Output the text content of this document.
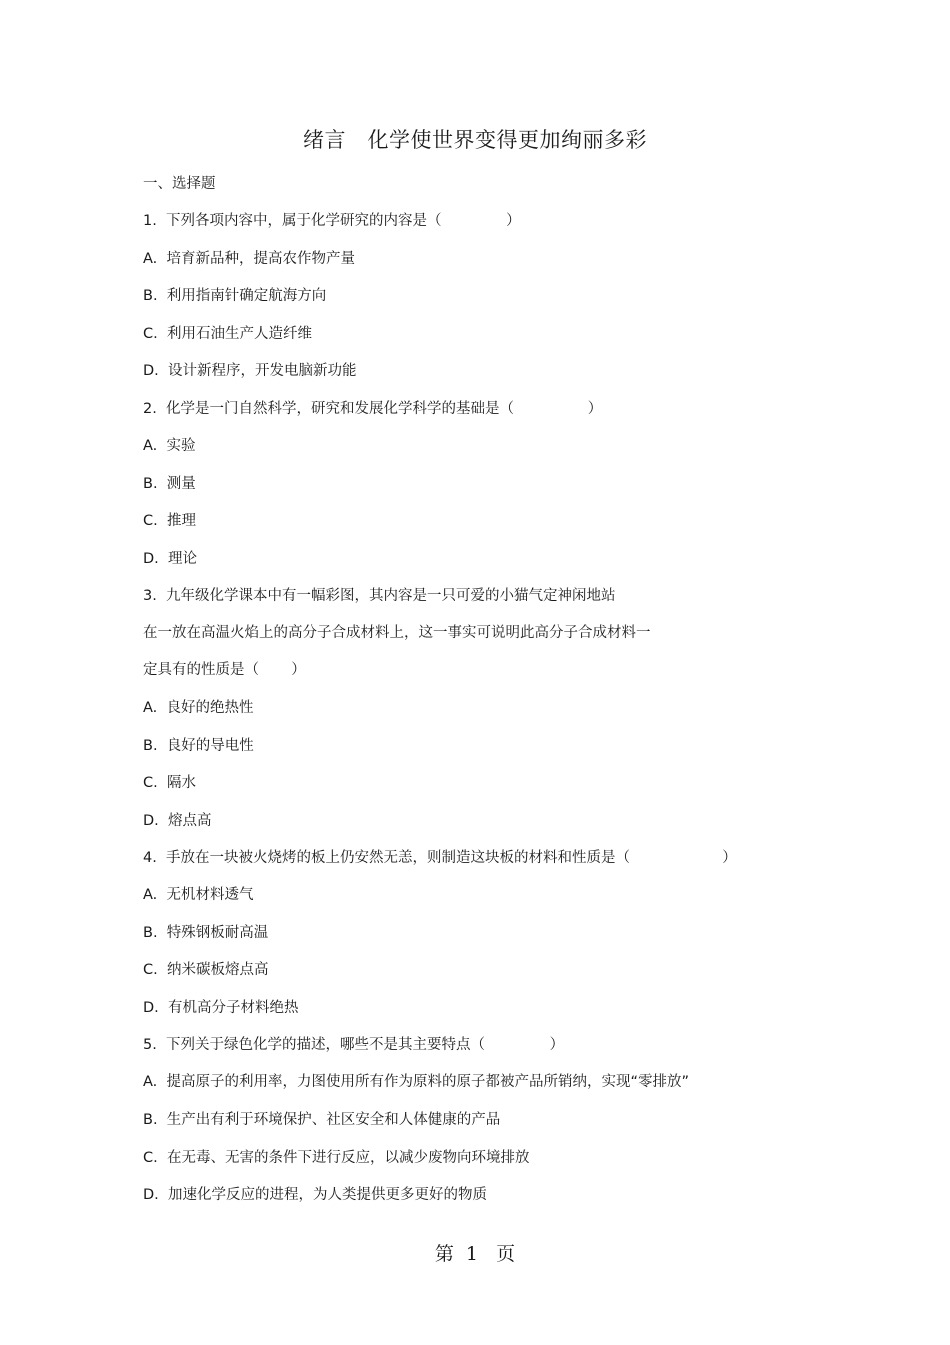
绪言   化学使世界变得更加绚丽多彩
一、选择题
1.  下列各项内容中，属于化学研究的内容是（              ）
A.  培育新品种，提高农作物产量
B.  利用指南针确定航海方向
C.  利用石油生产人造纤维
D.  设计新程序，开发电脑新功能
2.  化学是一门自然科学，研究和发展化学科学的基础是（                ）
A.  实验
B.  测量
C.  推理
D.  理论
3.  九年级化学课本中有一幅彩图，其内容是一只可爱的小猫气定神闲地站
在一放在高温火焰上的高分子合成材料上，这一事实可说明此高分子合成材料一
定具有的性质是（       ）
A.  良好的绝热性
B.  良好的导电性
C.  隔水
D.  熔点高
4.  手放在一块被火烧烤的板上仍安然无恙，则制造这块板的材料和性质是（                    ）
A.  无机材料透气
B.  特殊钢板耐高温
C.  纳米碳板熔点高
D.  有机高分子材料绝热
5.  下列关于绿色化学的描述，哪些不是其主要特点（              ）
A.  提高原子的利用率，力图使用所有作为原料的原子都被产品所销纳，实现“零排放”
B.  生产出有利于环境保护、社区安全和人体健康的产品
C.  在无毒、无害的条件下进行反应，以减少废物向环境排放
D.  加速化学反应的进程，为人类提供更多更好的物质
第  1   页
